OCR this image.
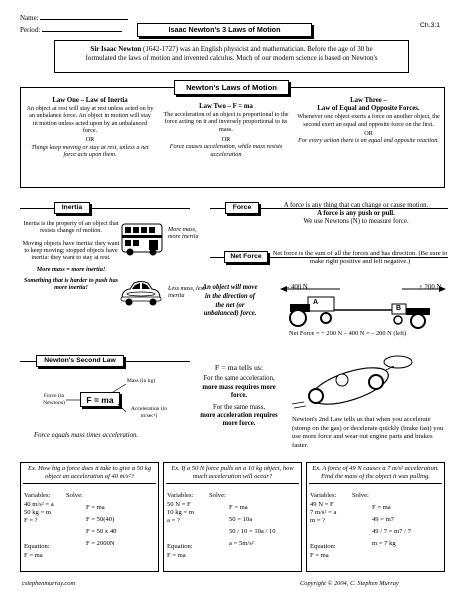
Name:
Period:	Isaac Newton's 3 Laws of Motion	Ch.3:1
Sir Isaac Newton (1642-1727) was an English physicist and mathematician. Before the age of 30 he
formulated the laws of motion and invented calculus. Much of our modern science is based on Newton's
Newton's Laws of Motion
Law One – Law of Inertia
An object at rest will stay at rest unless acted on by an unbalance force. An object in motion will stay in motion unless acted upon by an unbalanced force.
OR
Things keep moving or stay at rest, unless a net force acts upon them.
Law Two – F = ma
The acceleration of an object is proportional to the force acting on it and inversely proportional to its mass.
OR
Force causes acceleration, while mass resists acceleration
Law Three –
Law of Equal and Opposite Forces.
Whenever one object exerts a force on another object, the second exert an equal and opposite force on the first.
OR
For every action there is an equal and opposite reaction.
Inertia
Inertia is the property of an object that resists change of motion.
Moving objects have inertia: they want to keep moving; stopped objects have inertia: they want to stay at rest.
More mass = more inertia!
Something that is harder to push has more inertia!
More mass, more inertia
Less mass, less inertia
Force	A force is any thing that can change or cause motion.
A force is any push or pull.
We use Newtons (N) to measure force.
Net Force	Net force is the sum of all the forces and has direction. (Be sure to make right positive and left negative.)
An object will move in the direction of the net (or unbalanced) force.
- 400 N	+ 200 N
A
B
Net Force = + 200 N – 400 N = – 200 N (left)
Newton's Second Law
F = ma
Force (in Newtons)
Mass (in kg)
Acceleration (in m/sec²)
Force equals mass times acceleration.
F = ma tells us:
For the same acceleration,
more mass requires more force.
For the same mass,
more acceleration requires more force.
Newton's 2nd Law tells us that when you accelerate (stomp on the gas) or decelerate quickly (brake fast) you use more force and wear out engine parts and brakes faster.
Ex. How big a force does it take to give a 50 kg object an acceleration of 40 m/s²?
Variables: Solve:
40 m/s² = a
50 kg = m
F = ?
F = ma
F = 50(40)
F = 50 x 40
F = 2000N
Equation:
F = ma
Ex. If a 50 N force pulls on a 10 kg object, how much acceleration will occur?
Variables: Solve:
50 N = F
10 kg = m
a = ?
F = ma
50 = 10a
50 / 10 = 10a / 10
a = 5m/s²
Equation:
F = ma
Ex. A force of 49 N causes a 7 m/s² acceleration. Find the mass of the object it was pulling.
Variables: Solve:
49 N = F
7 m/s² = a
m = ?
F = ma
49 = m7
49 / 7 = m7 / 7
m = 7 kg
Equation:
F = ma
cstephenmurray.com	Copyright © 2004, C. Stephen Murray
